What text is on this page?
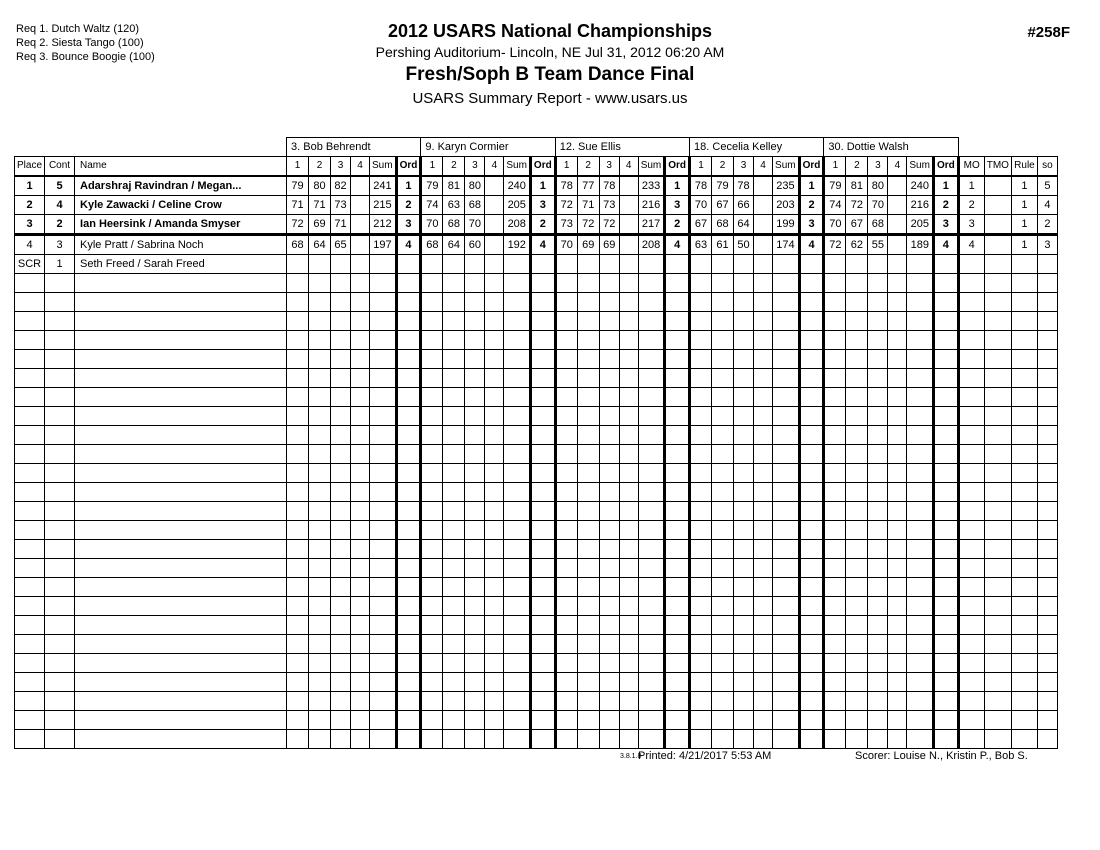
Req 1. Dutch Waltz (120)
Req 2. Siesta Tango (100)
Req 3. Bounce Boogie (100)
2012 USARS National Championships
Pershing Auditorium- Lincoln, NE Jul 31, 2012 06:20 AM
Fresh/Soph B Team Dance Final
USARS Summary Report - www.usars.us
#258F
			3. Bob Behrendt						9. Karyn Cormier						12. Sue Ellis						18. Cecelia Kelley						30. Dottie Walsh									
Place	Cont	Name	1	2	3	4	Sum	Ord	1	2	3	4	Sum	Ord	1	2	3	4	Sum	Ord	1	2	3	4	Sum	Ord	1	2	3	4	Sum	Ord	MO	TMO	Rule	so
1	5	Adarshraj Ravindran / Megan...	79	80	82		241	1	79	81	80		240	1	78	77	78		233	1	78	79	78		235	1	79	81	80		240	1	1		1	5
2	4	Kyle Zawacki / Celine Crow	71	71	73		215	2	74	63	68		205	3	72	71	73		216	3	70	67	66		203	2	74	72	70		216	2	2		1	4
3	2	Ian Heersink / Amanda Smyser	72	69	71		212	3	70	68	70		208	2	73	72	72		217	2	67	68	64		199	3	70	67	68		205	3	3		1	2
4	3	Kyle Pratt / Sabrina Noch	68	64	65		197	4	68	64	60		192	4	70	69	69		208	4	63	61	50		174	4	72	62	55		189	4	4		1	3
SCR	1	Seth Freed / Sarah Freed																																		

3.8.1.8
Printed: 4/21/2017 5:53 AM	Scorer: Louise N., Kristin P., Bob S.
